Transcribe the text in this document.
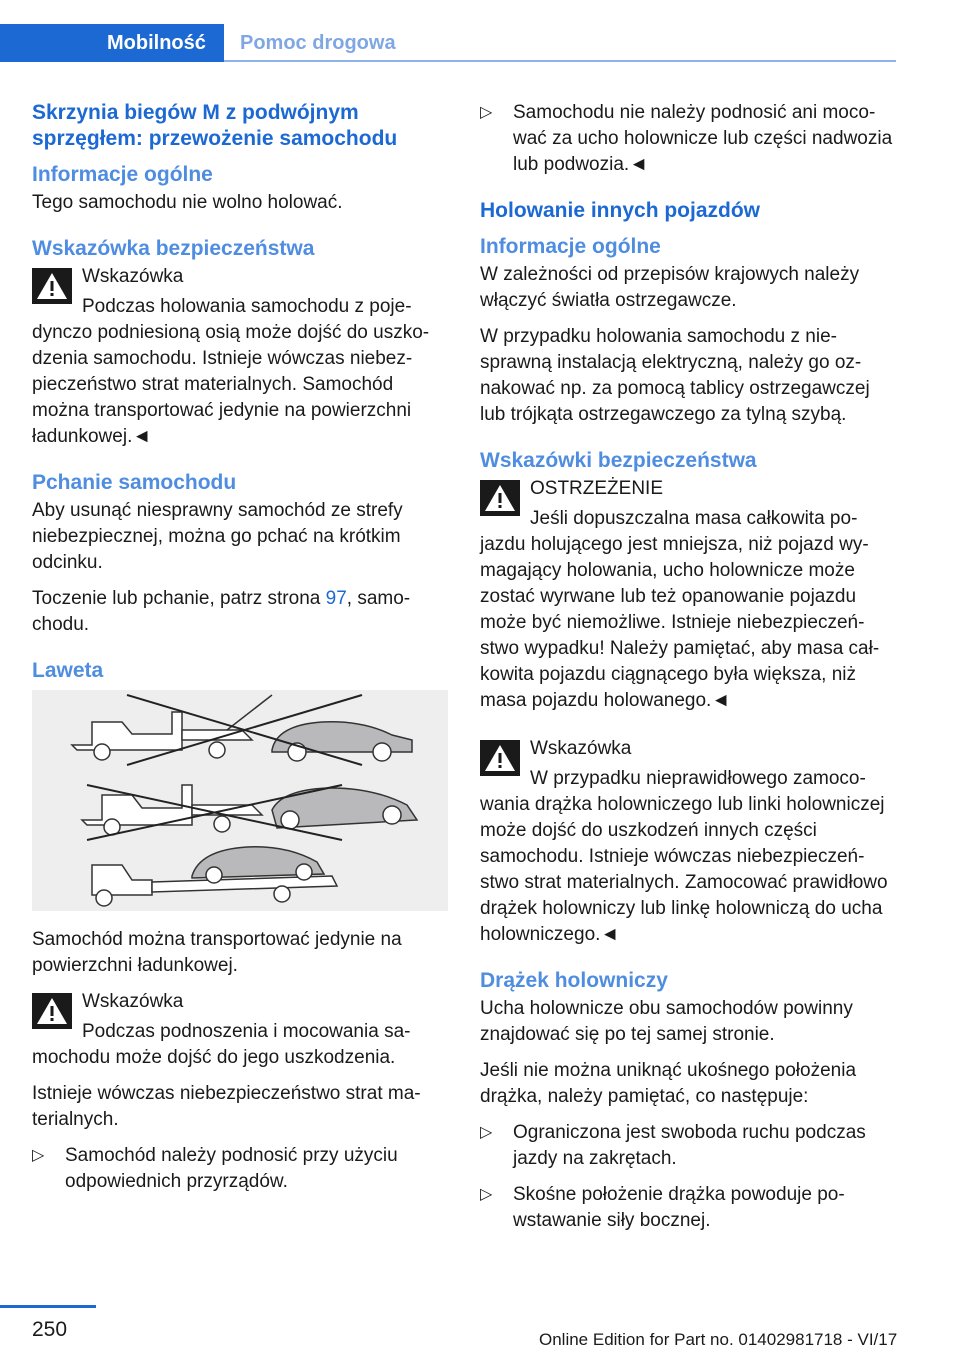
Mobilność	Pomoc drogowa
Skrzynia biegów M z podwójnym sprzęgłem: przewożenie samochodu
Informacje ogólne

Tego samochodu nie wolno holować.

Wskazówka bezpieczeństwa
Wskazówka
Podczas holowania samochodu z pojedynczo podniesioną osią może dojść do uszkodzenia samochodu. Istnieje wówczas niebezpieczeństwo strat materialnych. Samochód można transportować jedynie na powierzchni ładunkowej.◄
Pchanie samochodu

Aby usunąć niesprawny samochód ze strefy niebezpiecznej, można go pchać na krótkim odcinku.

Toczenie lub pchanie, patrz strona 97, samochodu.

Laweta

Samochód można transportować jedynie na powierzchni ładunkowej.

Wskazówka
Podczas podnoszenia i mocowania samochodu może dojść do jego uszkodzenia.

Istnieje wówczas niebezpieczeństwo strat materialnych.

▷ Samochód należy podnosić przy użyciu odpowiednich przyrządów.
▷ Samochodu nie należy podnosić ani mocować za ucho holownicze lub części nadwozia lub podwozia.◄
Holowanie innych pojazdów
Informacje ogólne

W zależności od przepisów krajowych należy włączyć światła ostrzegawcze.

W przypadku holowania samochodu z niesprawną instalacją elektryczną, należy go oznakować np. za pomocą tablicy ostrzegawczej lub trójkąta ostrzegawczego za tylną szybą.

Wskazówki bezpieczeństwa
OSTRZEŻENIE
Jeśli dopuszczalna masa całkowita pojazdu holującego jest mniejsza, niż pojazd wymagający holowania, ucho holownicze może zostać wyrwane lub też opanowanie pojazdu może być niemożliwe. Istnieje niebezpieczeństwo wypadku! Należy pamiętać, aby masa całkowita pojazdu ciągnącego była większa, niż masa pojazdu holowanego.◄
Wskazówka
W przypadku nieprawidłowego zamocowania drążka holowniczego lub linki holowniczej może dojść do uszkodzeń innych części samochodu. Istnieje wówczas niebezpieczeństwo strat materialnych. Zamocować prawidłowo drążek holowniczy lub linkę holowniczą do ucha holowniczego.◄
Drążek holowniczy

Ucha holownicze obu samochodów powinny znajdować się po tej samej stronie.

Jeśli nie można uniknąć ukośnego położenia drążka, należy pamiętać, co następuje:

▷ Ograniczona jest swoboda ruchu podczas jazdy na zakrętach.
▷ Skośne położenie drążka powoduje powstawanie siły bocznej.
250	Online Edition for Part no. 01402981718 - VI/17
